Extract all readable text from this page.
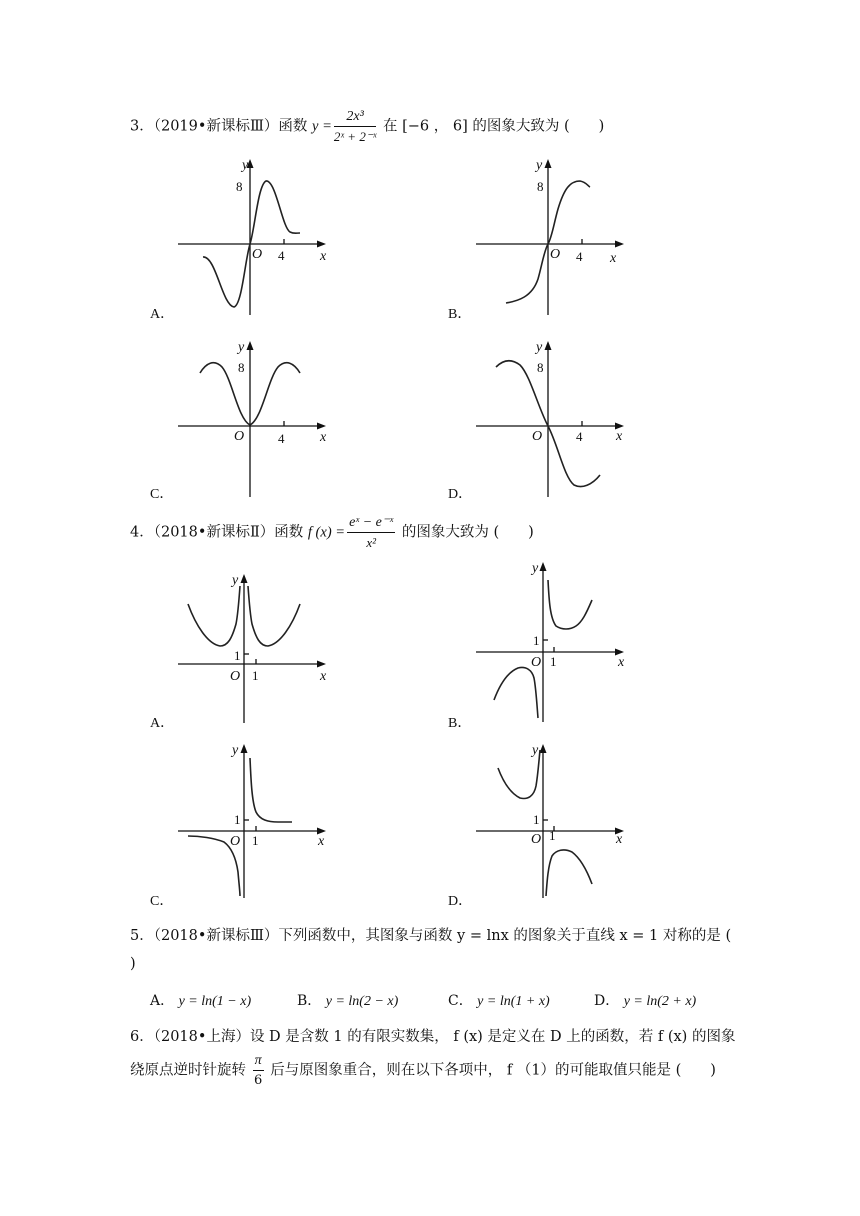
3．（2019•新课标Ⅲ）函数 $y = \frac{\text{2x³}}{\text{2ˣ + 2⁻ˣ}}$ 在 [−6 ， 6] 的图象大致为 (　　)
y
8
O 4	x
A．
y
8
O 4 x
B．
y
8
O	4	x
C．
y
8
O	4 x
D．
4．（2018•新课标Ⅱ）函数 f $(x) = \frac{\text{eˣ − e⁻ˣ}}{\text{x²}}$ 的图象大致为 (　　)
y
1
O 1	x
A．
y
1
O 1	x
B．
y
1
O 1	x
C．
y
1
O 1	x
D．
5．（2018•新课标Ⅲ）下列函数中，其图象与函数 y = lnx 的图象关于直线 x = 1 对称的是 (
)
A． y = ln(1 − x)	B． y = ln(2 − x)	C． y = ln(1 + x)	D． y = ln(2 + x)
6．（2018•上海）设 D 是含数 1 的有限实数集， f (x) 是定义在 D 上的函数，若 f (x) 的图象
绕原点逆时针旋转 $\frac{\pi}{6}$ 后与原图象重合，则在以下各项中， f （1）的可能取值只能是 (　　)
